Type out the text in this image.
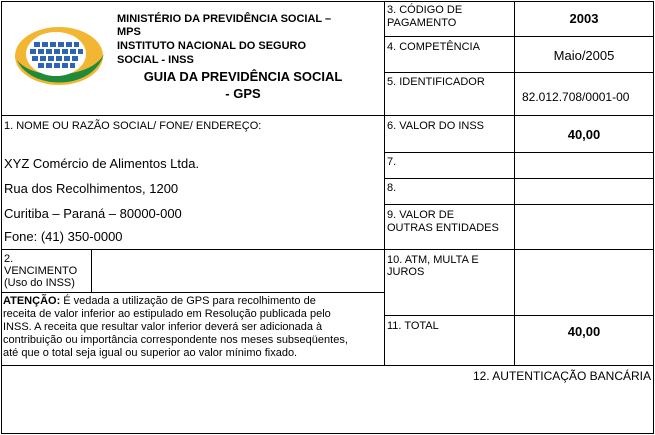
MINISTÉRIO DA PREVIDÊNCIA SOCIAL –
MPS
INSTITUTO NACIONAL DO SEGURO
SOCIAL - INSS
GUIA DA PREVIDÊNCIA SOCIAL
- GPS
3. CÓDIGO DE
PAGAMENTO	2003
4. COMPETÊNCIA
Maio/2005
5. IDENTIFICADOR
82.012.708/0001-00
1. NOME OU RAZÃO SOCIAL/ FONE/ ENDEREÇO:
XYZ Comércio de Alimentos Ltda.
Rua dos Recolhimentos, 1200
Curitiba – Paraná – 80000-000
Fone: (41) 350-0000
6. VALOR DO INSS
40,00
7.
8.
9. VALOR DE
OUTRAS ENTIDADES
2.
VENCIMENTO
(Uso do INSS)
10. ATM, MULTA E
JUROS
ATENÇÃO: É vedada a utilização de GPS para recolhimento de
receita de valor inferior ao estipulado em Resolução publicada pelo
INSS. A receita que resultar valor inferior deverá ser adicionada à
contribuição ou importância correspondente nos meses subseqüentes,
até que o total seja igual ou superior ao valor mínimo fixado.
11. TOTAL	40,00
12. AUTENTICAÇÃO BANCÁRIA
